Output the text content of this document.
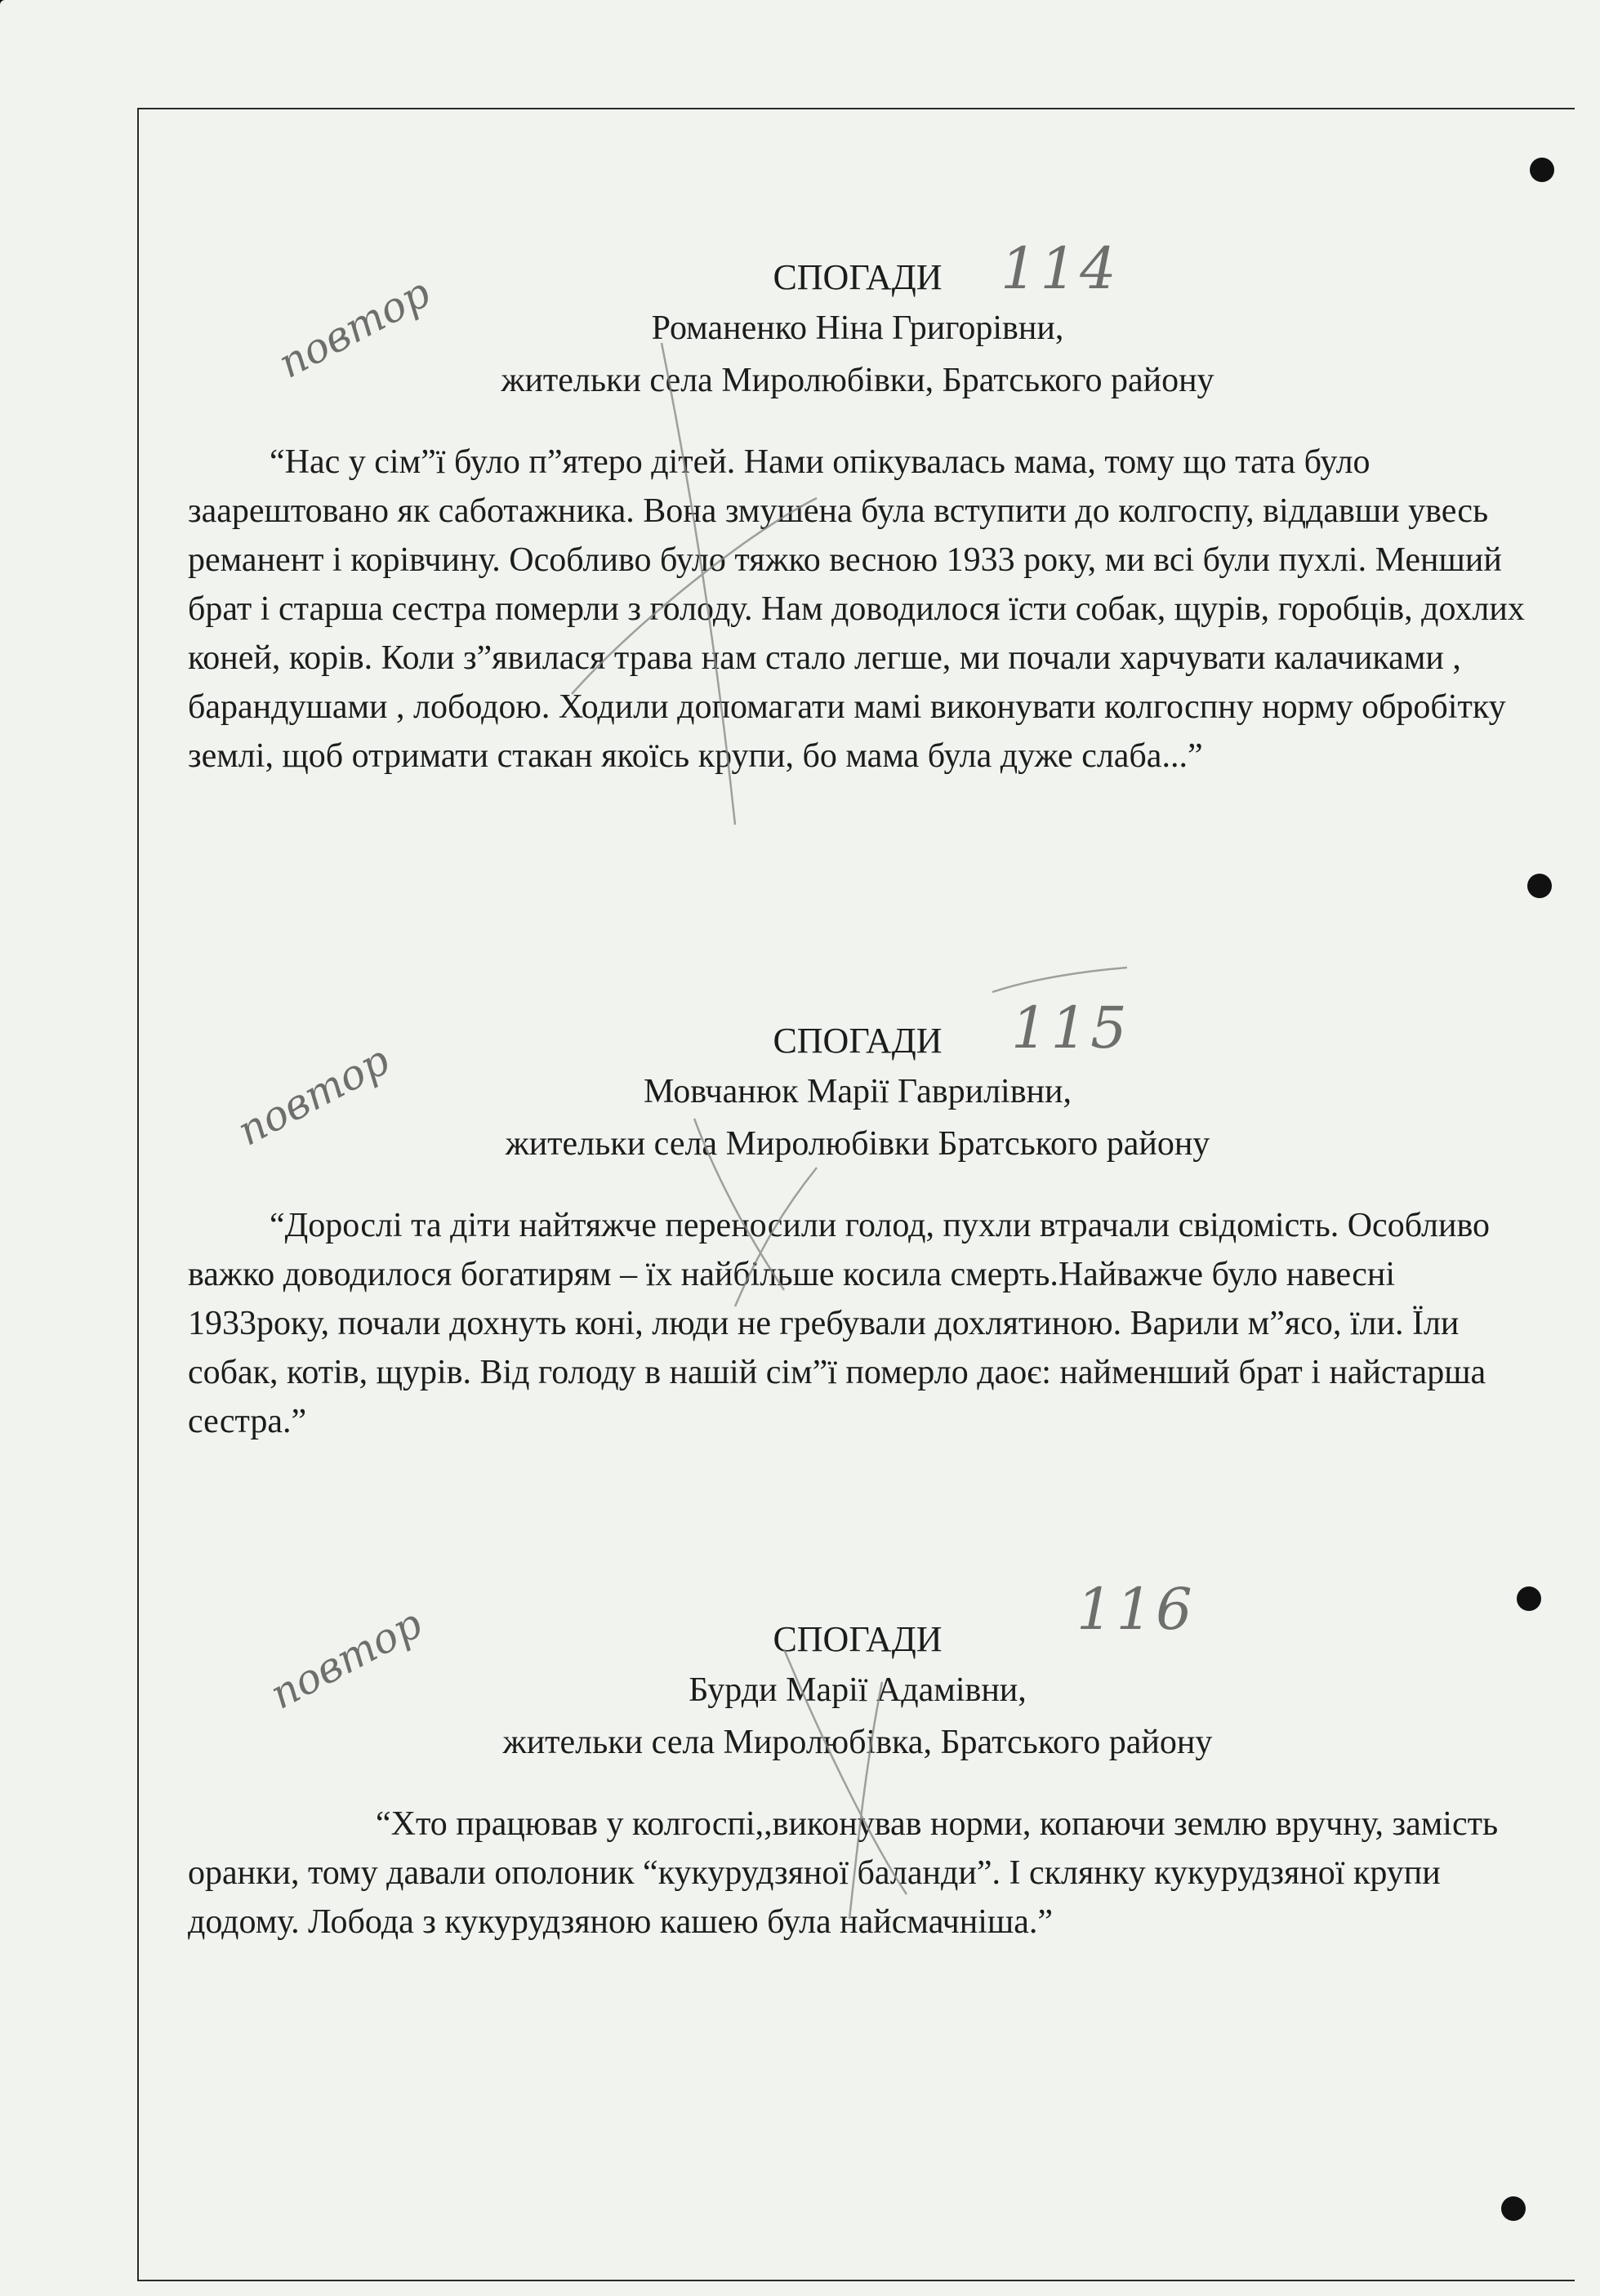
СПОГАДИ

Романенко Ніна Григорівни,

жительки села Миролюбівки, Братського району

“Нас у сім”ї було п”ятеро дітей. Нами опікувалась мама, тому що тата було заарештовано як саботажника. Вона змушена була вступити до колгоспу, віддавши увесь реманент і корівчину. Особливо було тяжко весною 1933 року, ми всі були пухлі. Менший брат і старша сестра померли з голоду. Нам доводилося їсти собак, щурів, горобців, дохлих коней, корів. Коли з”явилася трава нам стало легше, ми почали харчувати калачиками , барандушами , лободою. Ходили допомагати мамі виконувати колгоспну норму обробітку землі, щоб отримати стакан якоїсь крупи, бо мама була дуже слаба...”

СПОГАДИ

Мовчанюк Марії Гаврилівни,

жительки села Миролюбівки Братського району

“Дорослі та діти найтяжче переносили голод, пухли втрачали свідомість. Особливо важко доводилося богатирям – їх найбільше косила смерть.Найважче було навесні 1933року, почали дохнуть коні, люди не гребували дохлятиною. Варили м”ясо, їли. Їли собак, котів, щурів. Від голоду в нашій сім”ї померло даоє: найменший брат і найстарша сестра.”

СПОГАДИ

Бурди Марії Адамівни,

жительки села Миролюбівка, Братського району

“Хто працював у колгоспі,,виконував норми, копаючи землю вручну, замість оранки, тому давали ополоник “кукурудзяної баланди”. І склянку кукурудзяної крупи додому. Лобода з кукурудзяною кашею була найсмачніша.”

повтор
114
повтор
115
повтор	116
